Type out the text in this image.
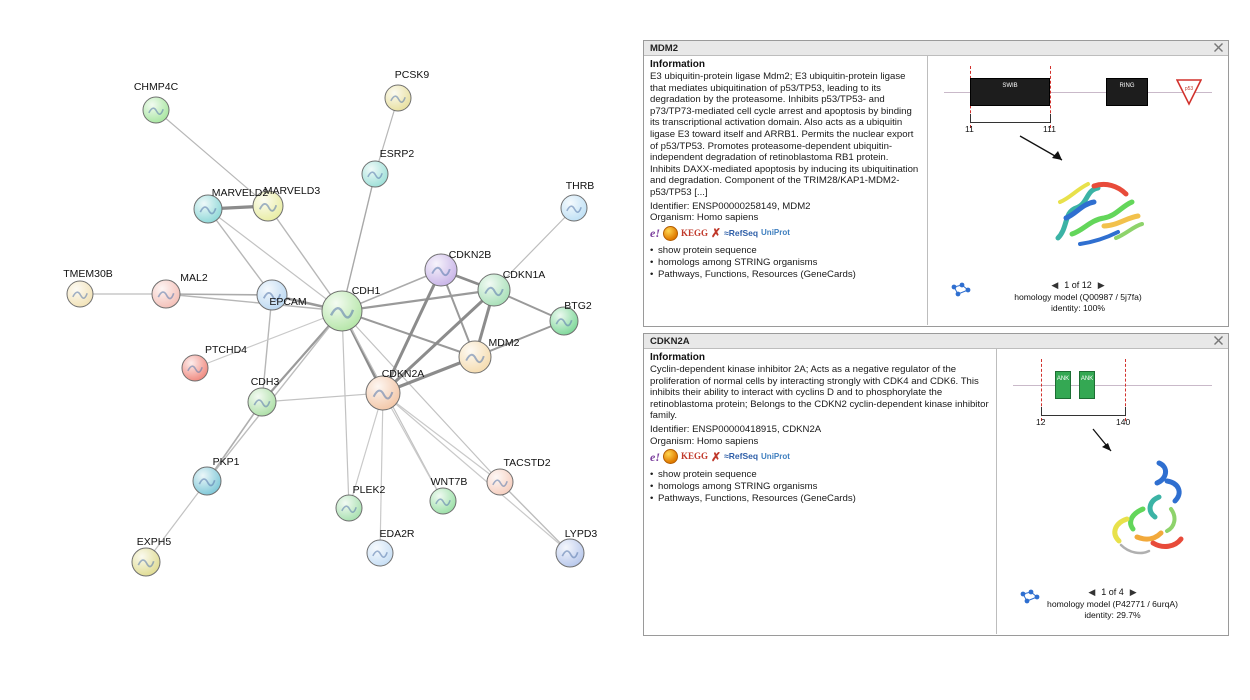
CHMP4C
PCSK9
ESRP2
MARVELD2
MARVELD3	THRB
TMEM30B	MAL2
EPCAM
CDH1
CDKN2B
CDKN1A
BTG2
MDM2
PTCHD4
CDKN2A
CDH3
PKP1
PLEK2
WNT7B
TACSTD2
EDA2R
EXPH5
LYPD3
MDM2
Information

E3 ubiquitin-protein ligase Mdm2; E3 ubiquitin-protein ligase that mediates ubiquitination of p53/TP53, leading to its degradation by the proteasome. Inhibits p53/TP53- and p73/TP73-mediated cell cycle arrest and apoptosis by binding its transcriptional activation domain. Also acts as a ubiquitin ligase E3 toward itself and ARRB1. Permits the nuclear export of p53/TP53. Promotes proteasome-dependent ubiquitin-independent degradation of retinoblastoma RB1 protein. Inhibits DAXX-mediated apoptosis by inducing its ubiquitination and degradation. Component of the TRIM28/KAP1-MDM2-p53/TP53 [...]

Identifier: ENSP00000258149, MDM2
Organism: Homo sapiens
e! KEGG ✗ ≈RefSeq UniProt
• show protein sequence
• homologs among STRING organisms
• Pathways, Functions, Resources (GeneCards)
SWIB	RING	p53
11	111
◀ 1 of 12 ▶
homology model (Q00987 / 5j7fa)
identity: 100%
CDKN2A
Information

Cyclin-dependent kinase inhibitor 2A; Acts as a negative regulator of the proliferation of normal cells by interacting strongly with CDK4 and CDK6. This inhibits their ability to interact with cyclins D and to phosphorylate the retinoblastoma protein; Belongs to the CDKN2 cyclin-dependent kinase inhibitor family.

Identifier: ENSP00000418915, CDKN2A
Organism: Homo sapiens
e! KEGG ✗ ≈RefSeq UniProt
• show protein sequence
• homologs among STRING organisms
• Pathways, Functions, Resources (GeneCards)
ANK ANK
12	140
◀ 1 of 4 ▶
homology model (P42771 / 6urqA)
identity: 29.7%
